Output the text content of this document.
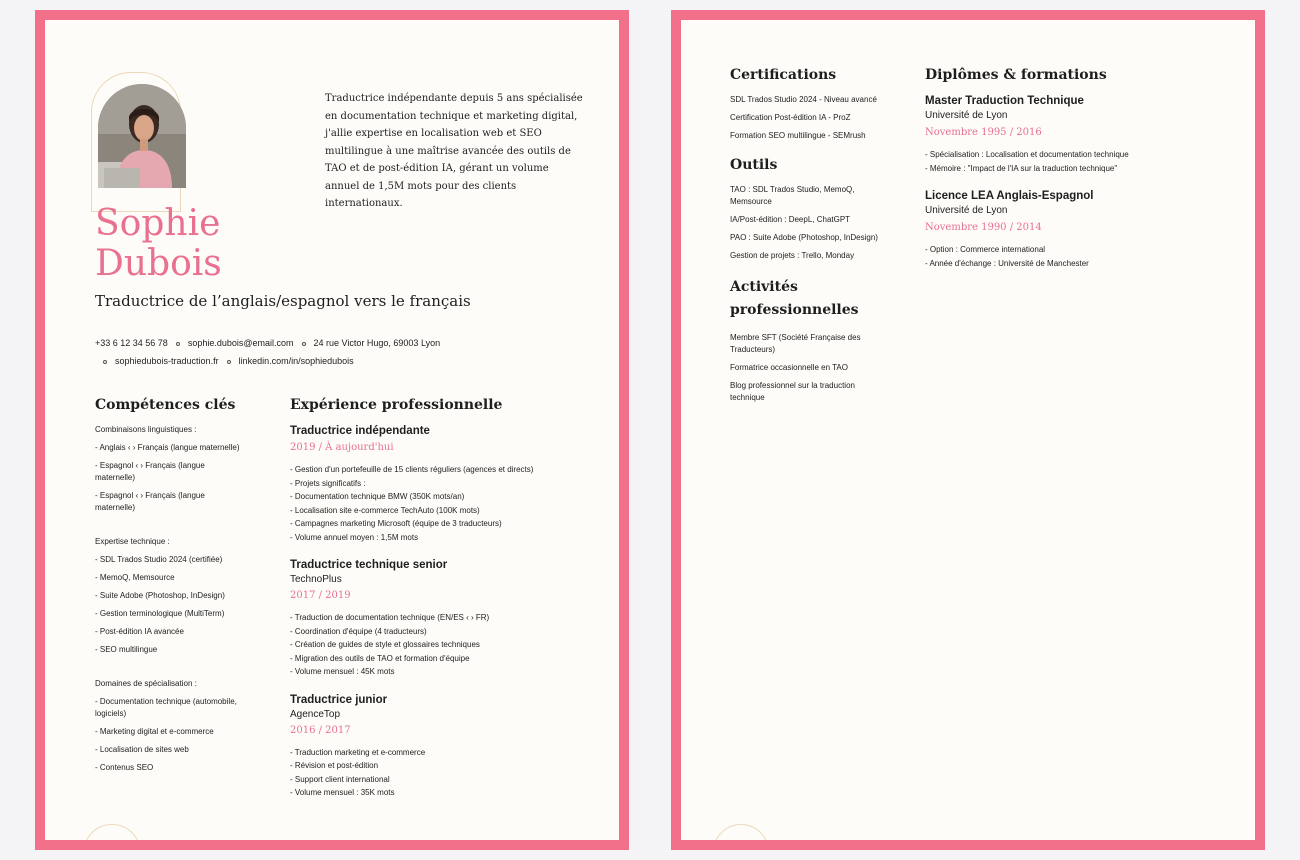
Traductrice indépendante depuis 5 ans spécialisée en documentation technique et marketing digital, j'allie expertise en localisation web et SEO multilingue à une maîtrise avancée des outils de TAO et de post-édition IA, gérant un volume annuel de 1,5M mots pour des clients internationaux.

Sophie
Dubois
Traductrice de l’anglais/espagnol vers le français
+33 6 12 34 56 78 sophie.dubois@email.com 24 rue Victor Hugo, 69003 Lyon
sophiedubois-traduction.fr linkedin.com/in/sophiedubois
Compétences clés
Combinaisons linguistiques :
- Anglais ‹ › Français (langue maternelle)
- Espagnol ‹ › Français (langue maternelle)
- Espagnol ‹ › Français (langue maternelle)
Expertise technique :
- SDL Trados Studio 2024 (certifiée)
- MemoQ, Memsource
- Suite Adobe (Photoshop, InDesign)
- Gestion terminologique (MultiTerm)
- Post-édition IA avancée
- SEO multilingue
Domaines de spécialisation :
- Documentation technique (automobile, logiciels)
- Marketing digital et e-commerce
- Localisation de sites web
- Contenus SEO
Expérience professionnelle
Traductrice indépendante
2019 / À aujourd'hui
- Gestion d'un portefeuille de 15 clients réguliers (agences et directs)
- Projets significatifs :
- Documentation technique BMW (350K mots/an)
- Localisation site e-commerce TechAuto (100K mots)
- Campagnes marketing Microsoft (équipe de 3 traducteurs)
- Volume annuel moyen : 1,5M mots
Traductrice technique senior
TechnoPlus
2017 / 2019
- Traduction de documentation technique (EN/ES ‹ › FR)
- Coordination d'équipe (4 traducteurs)
- Création de guides de style et glossaires techniques
- Migration des outils de TAO et formation d'équipe
- Volume mensuel : 45K mots
Traductrice junior
AgenceTop
2016 / 2017
- Traduction marketing et e-commerce
- Révision et post-édition
- Support client international
- Volume mensuel : 35K mots
Certifications
SDL Trados Studio 2024 - Niveau avancé
Certification Post-édition IA - ProZ
Formation SEO multilingue - SEMrush
Outils
TAO : SDL Trados Studio, MemoQ, Memsource
IA/Post-édition : DeepL, ChatGPT
PAO : Suite Adobe (Photoshop, InDesign)
Gestion de projets : Trello, Monday
Activités professionnelles
Membre SFT (Société Française des Traducteurs)
Formatrice occasionnelle en TAO
Blog professionnel sur la traduction technique
Diplômes & formations
Master Traduction Technique
Université de Lyon
Novembre 1995 / 2016
- Spécialisation : Localisation et documentation technique
- Mémoire : "Impact de l'IA sur la traduction technique"
Licence LEA Anglais-Espagnol
Université de Lyon
Novembre 1990 / 2014
- Option : Commerce international
- Année d'échange : Université de Manchester
